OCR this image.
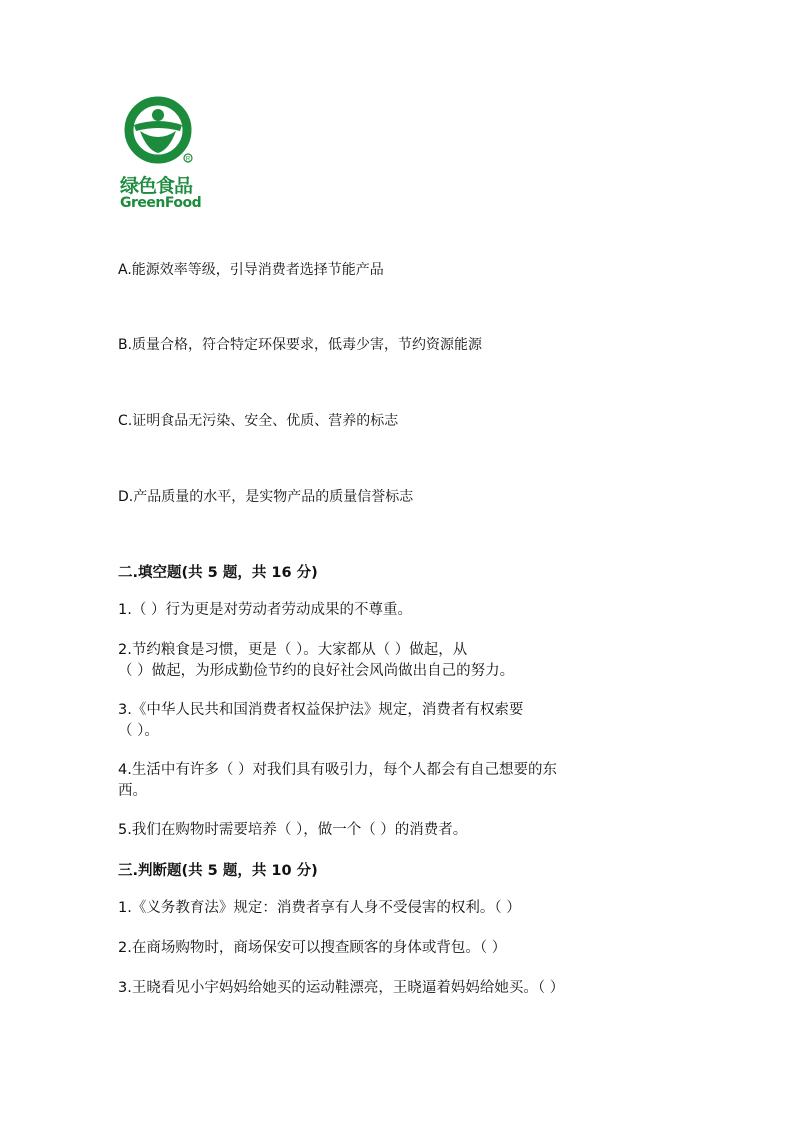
R
绿色食品
GreenFood
A.能源效率等级，引导消费者选择节能产品
B.质量合格，符合特定环保要求，低毒少害，节约资源能源
C.证明食品无污染、安全、优质、营养的标志
D.产品质量的水平，是实物产品的质量信誉标志
二.填空题(共 5 题，共 16 分)
1.（ ）行为更是对劳动者劳动成果的不尊重。
2.节约粮食是习惯，更是（ ）。大家都从（ ）做起，从
（ ）做起，为形成勤俭节约的良好社会风尚做出自己的努力。
3.《中华人民共和国消费者权益保护法》规定，消费者有权索要
（ ）。
4.生活中有许多（ ）对我们具有吸引力，每个人都会有自己想要的东
西。
5.我们在购物时需要培养（ ），做一个（ ）的消费者。
三.判断题(共 5 题，共 10 分)
1.《义务教育法》规定：消费者享有人身不受侵害的权利。（ ）
2.在商场购物时，商场保安可以搜查顾客的身体或背包。（ ）
3.王晓看见小宇妈妈给她买的运动鞋漂亮，王晓逼着妈妈给她买。（ ）
